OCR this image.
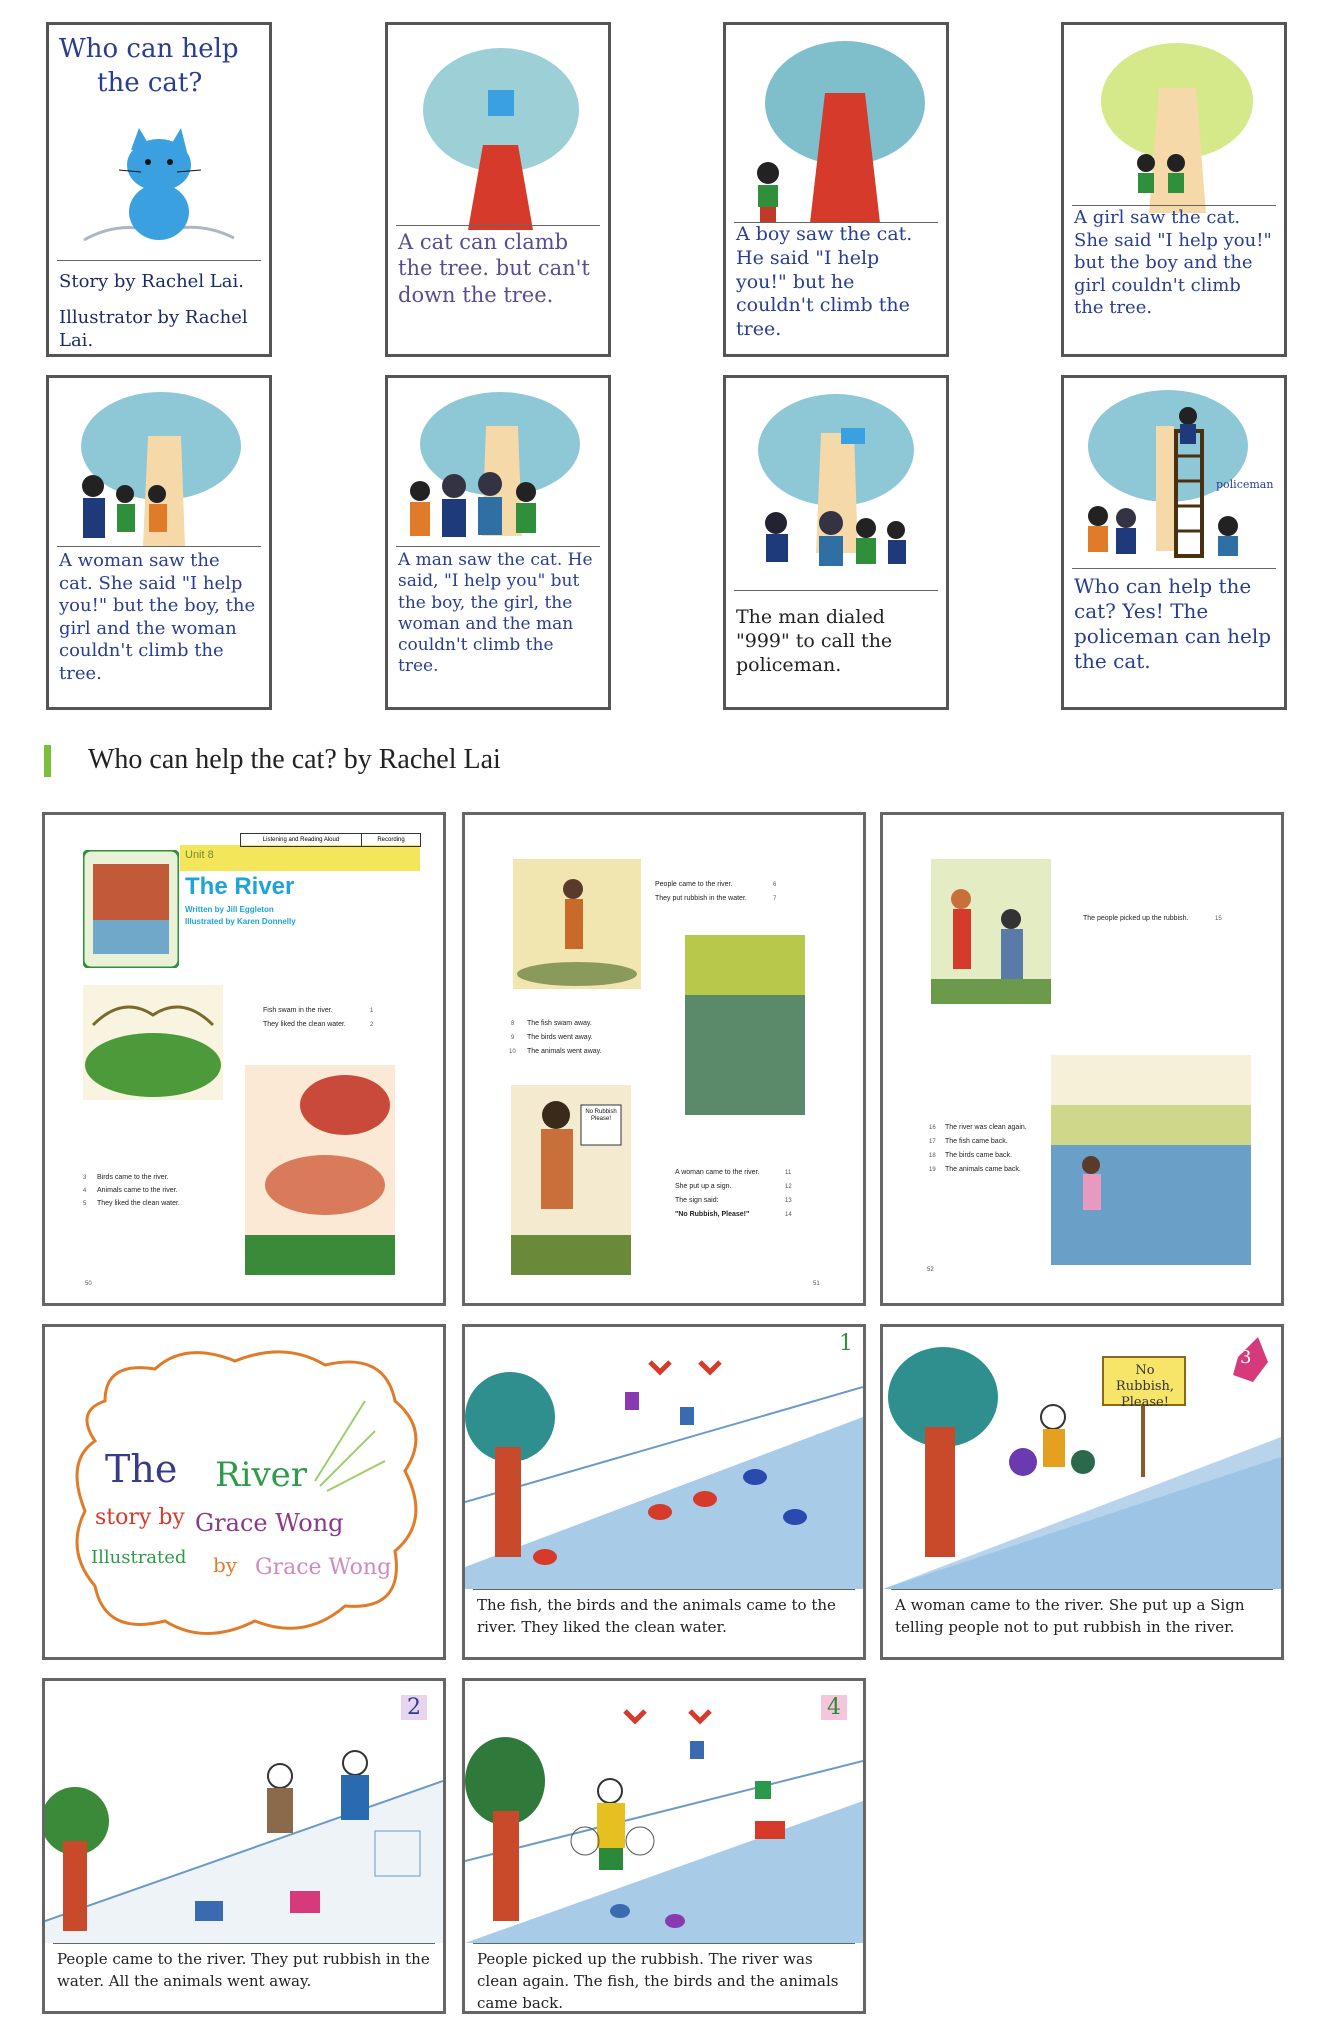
Who can help
the cat?
Story by Rachel Lai.
Illustrator by Rachel Lai.
A cat can clamb the tree. but can't down the tree.
A boy saw the cat. He said "I help you!" but he couldn't climb the tree.
A girl saw the cat. She said "I help you!" but the boy and the girl couldn't climb the tree.
A woman saw the cat. She said "I help you!" but the boy, the girl and the woman couldn't climb the tree.
A man saw the cat. He said, "I help you" but the boy, the girl, the woman and the man couldn't climb the tree.
The man dialed "999" to call the policeman.
policeman
Who can help the cat? Yes! The policeman can help the cat.
Who can help the cat? by Rachel Lai
Unit 8
Listening and Reading Aloud	Recording
The River
Written by Jill Eggleton
Illustrated by Karen Donnelly
Fish swam in the river.	1
They liked the clean water.	2
3 Birds came to the river.
4 Animals came to the river.
5 They liked the clean water.
50
People came to the river.	6
They put rubbish in the water.	7
8 The fish swam away.
9 The birds went away.
10 The animals went away.
No Rubbish Please!
A woman came to the river.	11
She put up a sign.	12
The sign said:	13
"No Rubbish, Please!"	14
51
The people picked up the rubbish.	15
16 The river was clean again.
17 The fish came back.
18 The birds came back.
19 The animals came back.
52
The River
story by Grace Wong
Illustrated by Grace Wong
1
The fish, the birds and the animals came to the river. They liked the clean water.
No Rubbish, Please!
3
A woman came to the river. She put up a Sign telling people not to put rubbish in the river.
2
People came to the river. They put rubbish in the water. All the animals went away.
4
People picked up the rubbish. The river was clean again. The fish, the birds and the animals came back.
